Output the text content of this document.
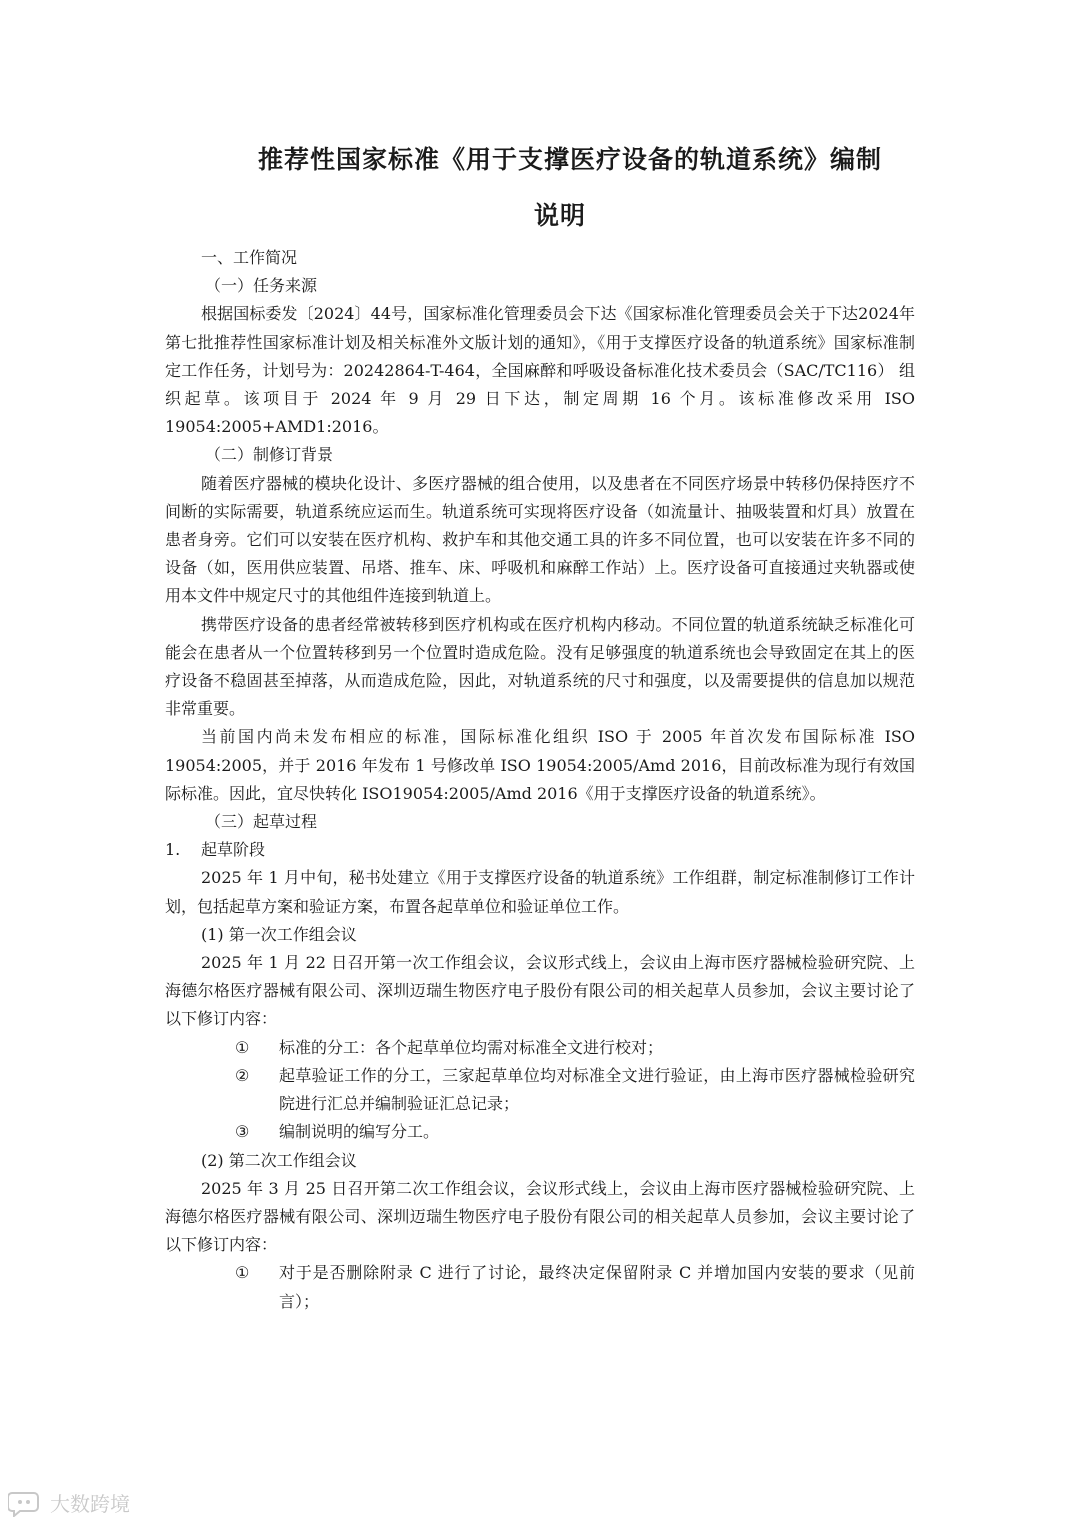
推荐性国家标准《用于支撑医疗设备的轨道系统》编制
说明

一、工作简况

（一）任务来源

根据国标委发〔2024〕44号，国家标准化管理委员会下达《国家标准化管理委员会关于下达2024年第七批推荐性国家标准计划及相关标准外文版计划的通知》，《用于支撑医疗设备的轨道系统》国家标准制定工作任务，计划号为：20242864-T-464，全国麻醉和呼吸设备标准化技术委员会（SAC/TC116） 组织起草。该项目于 2024 年 9 月 29 日下达，制定周期 16 个月。该标准修改采用 ISO 19054:2005+AMD1:2016。

（二）制修订背景

随着医疗器械的模块化设计、多医疗器械的组合使用，以及患者在不同医疗场景中转移仍保持医疗不间断的实际需要，轨道系统应运而生。轨道系统可实现将医疗设备（如流量计、抽吸装置和灯具）放置在患者身旁。它们可以安装在医疗机构、救护车和其他交通工具的许多不同位置，也可以安装在许多不同的设备（如，医用供应装置、吊塔、推车、床、呼吸机和麻醉工作站）上。医疗设备可直接通过夹轨器或使用本文件中规定尺寸的其他组件连接到轨道上。

携带医疗设备的患者经常被转移到医疗机构或在医疗机构内移动。不同位置的轨道系统缺乏标准化可能会在患者从一个位置转移到另一个位置时造成危险。没有足够强度的轨道系统也会导致固定在其上的医疗设备不稳固甚至掉落，从而造成危险，因此，对轨道系统的尺寸和强度，以及需要提供的信息加以规范非常重要。

当前国内尚未发布相应的标准，国际标准化组织 ISO 于 2005 年首次发布国际标准 ISO 19054:2005，并于 2016 年发布 1 号修改单 ISO 19054:2005/Amd 2016，目前改标准为现行有效国际标准。因此，宜尽快转化 ISO19054:2005/Amd 2016《用于支撑医疗设备的轨道系统》。

（三）起草过程

1.	起草阶段

2025 年 1 月中旬，秘书处建立《用于支撑医疗设备的轨道系统》工作组群，制定标准制修订工作计划，包括起草方案和验证方案，布置各起草单位和验证单位工作。

(1) 第一次工作组会议

2025 年 1 月 22 日召开第一次工作组会议，会议形式线上，会议由上海市医疗器械检验研究院、上海德尔格医疗器械有限公司、深圳迈瑞生物医疗电子股份有限公司的相关起草人员参加，会议主要讨论了以下修订内容：

①	标准的分工：各个起草单位均需对标准全文进行校对；
②	起草验证工作的分工，三家起草单位均对标准全文进行验证，由上海市医疗器械检验研究院进行汇总并编制验证汇总记录；
③	编制说明的编写分工。

(2) 第二次工作组会议

2025 年 3 月 25 日召开第二次工作组会议，会议形式线上，会议由上海市医疗器械检验研究院、上海德尔格医疗器械有限公司、深圳迈瑞生物医疗电子股份有限公司的相关起草人员参加，会议主要讨论了以下修订内容：

①	对于是否删除附录 C 进行了讨论，最终决定保留附录 C 并增加国内安装的要求（见前言）；
大数跨境
